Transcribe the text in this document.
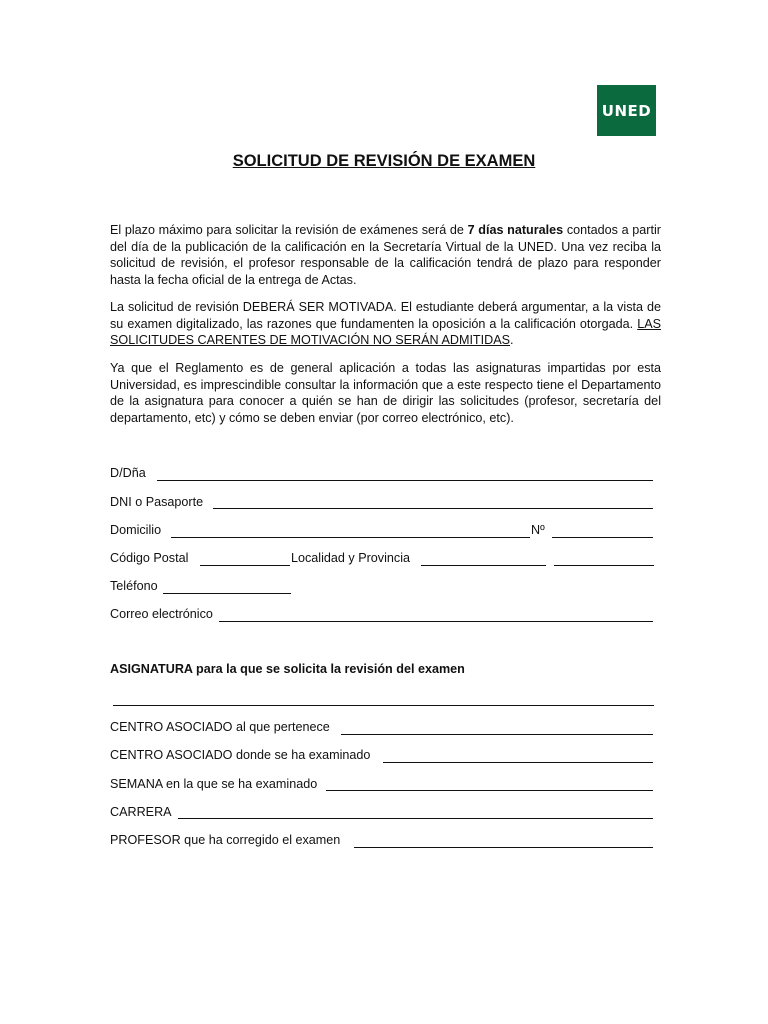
UNED
SOLICITUD DE REVISIÓN DE EXAMEN

El plazo máximo para solicitar la revisión de exámenes será de 7 días naturales contados a partir del día de la publicación de la calificación en la Secretaría Virtual de la UNED. Una vez reciba la solicitud de revisión, el profesor responsable de la calificación tendrá de plazo para responder hasta la fecha oficial de la entrega de Actas.

La solicitud de revisión DEBERÁ SER MOTIVADA. El estudiante deberá argumentar, a la vista de su examen digitalizado, las razones que fundamenten la oposición a la calificación otorgada. LAS SOLICITUDES CARENTES DE MOTIVACIÓN NO SERÁN ADMITIDAS.

Ya que el Reglamento es de general aplicación a todas las asignaturas impartidas por esta Universidad, es imprescindible consultar la información que a este respecto tiene el Departamento de la asignatura para conocer a quién se han de dirigir las solicitudes (profesor, secretaría del departamento, etc) y cómo se deben enviar (por correo electrónico, etc).

D/Dña
DNI o Pasaporte
Domicilio	Nº
Código Postal	Localidad y Provincia
Teléfono
Correo electrónico
ASIGNATURA para la que se solicita la revisión del examen
CENTRO ASOCIADO al que pertenece
CENTRO ASOCIADO donde se ha examinado
SEMANA en la que se ha examinado
CARRERA
PROFESOR que ha corregido el examen
